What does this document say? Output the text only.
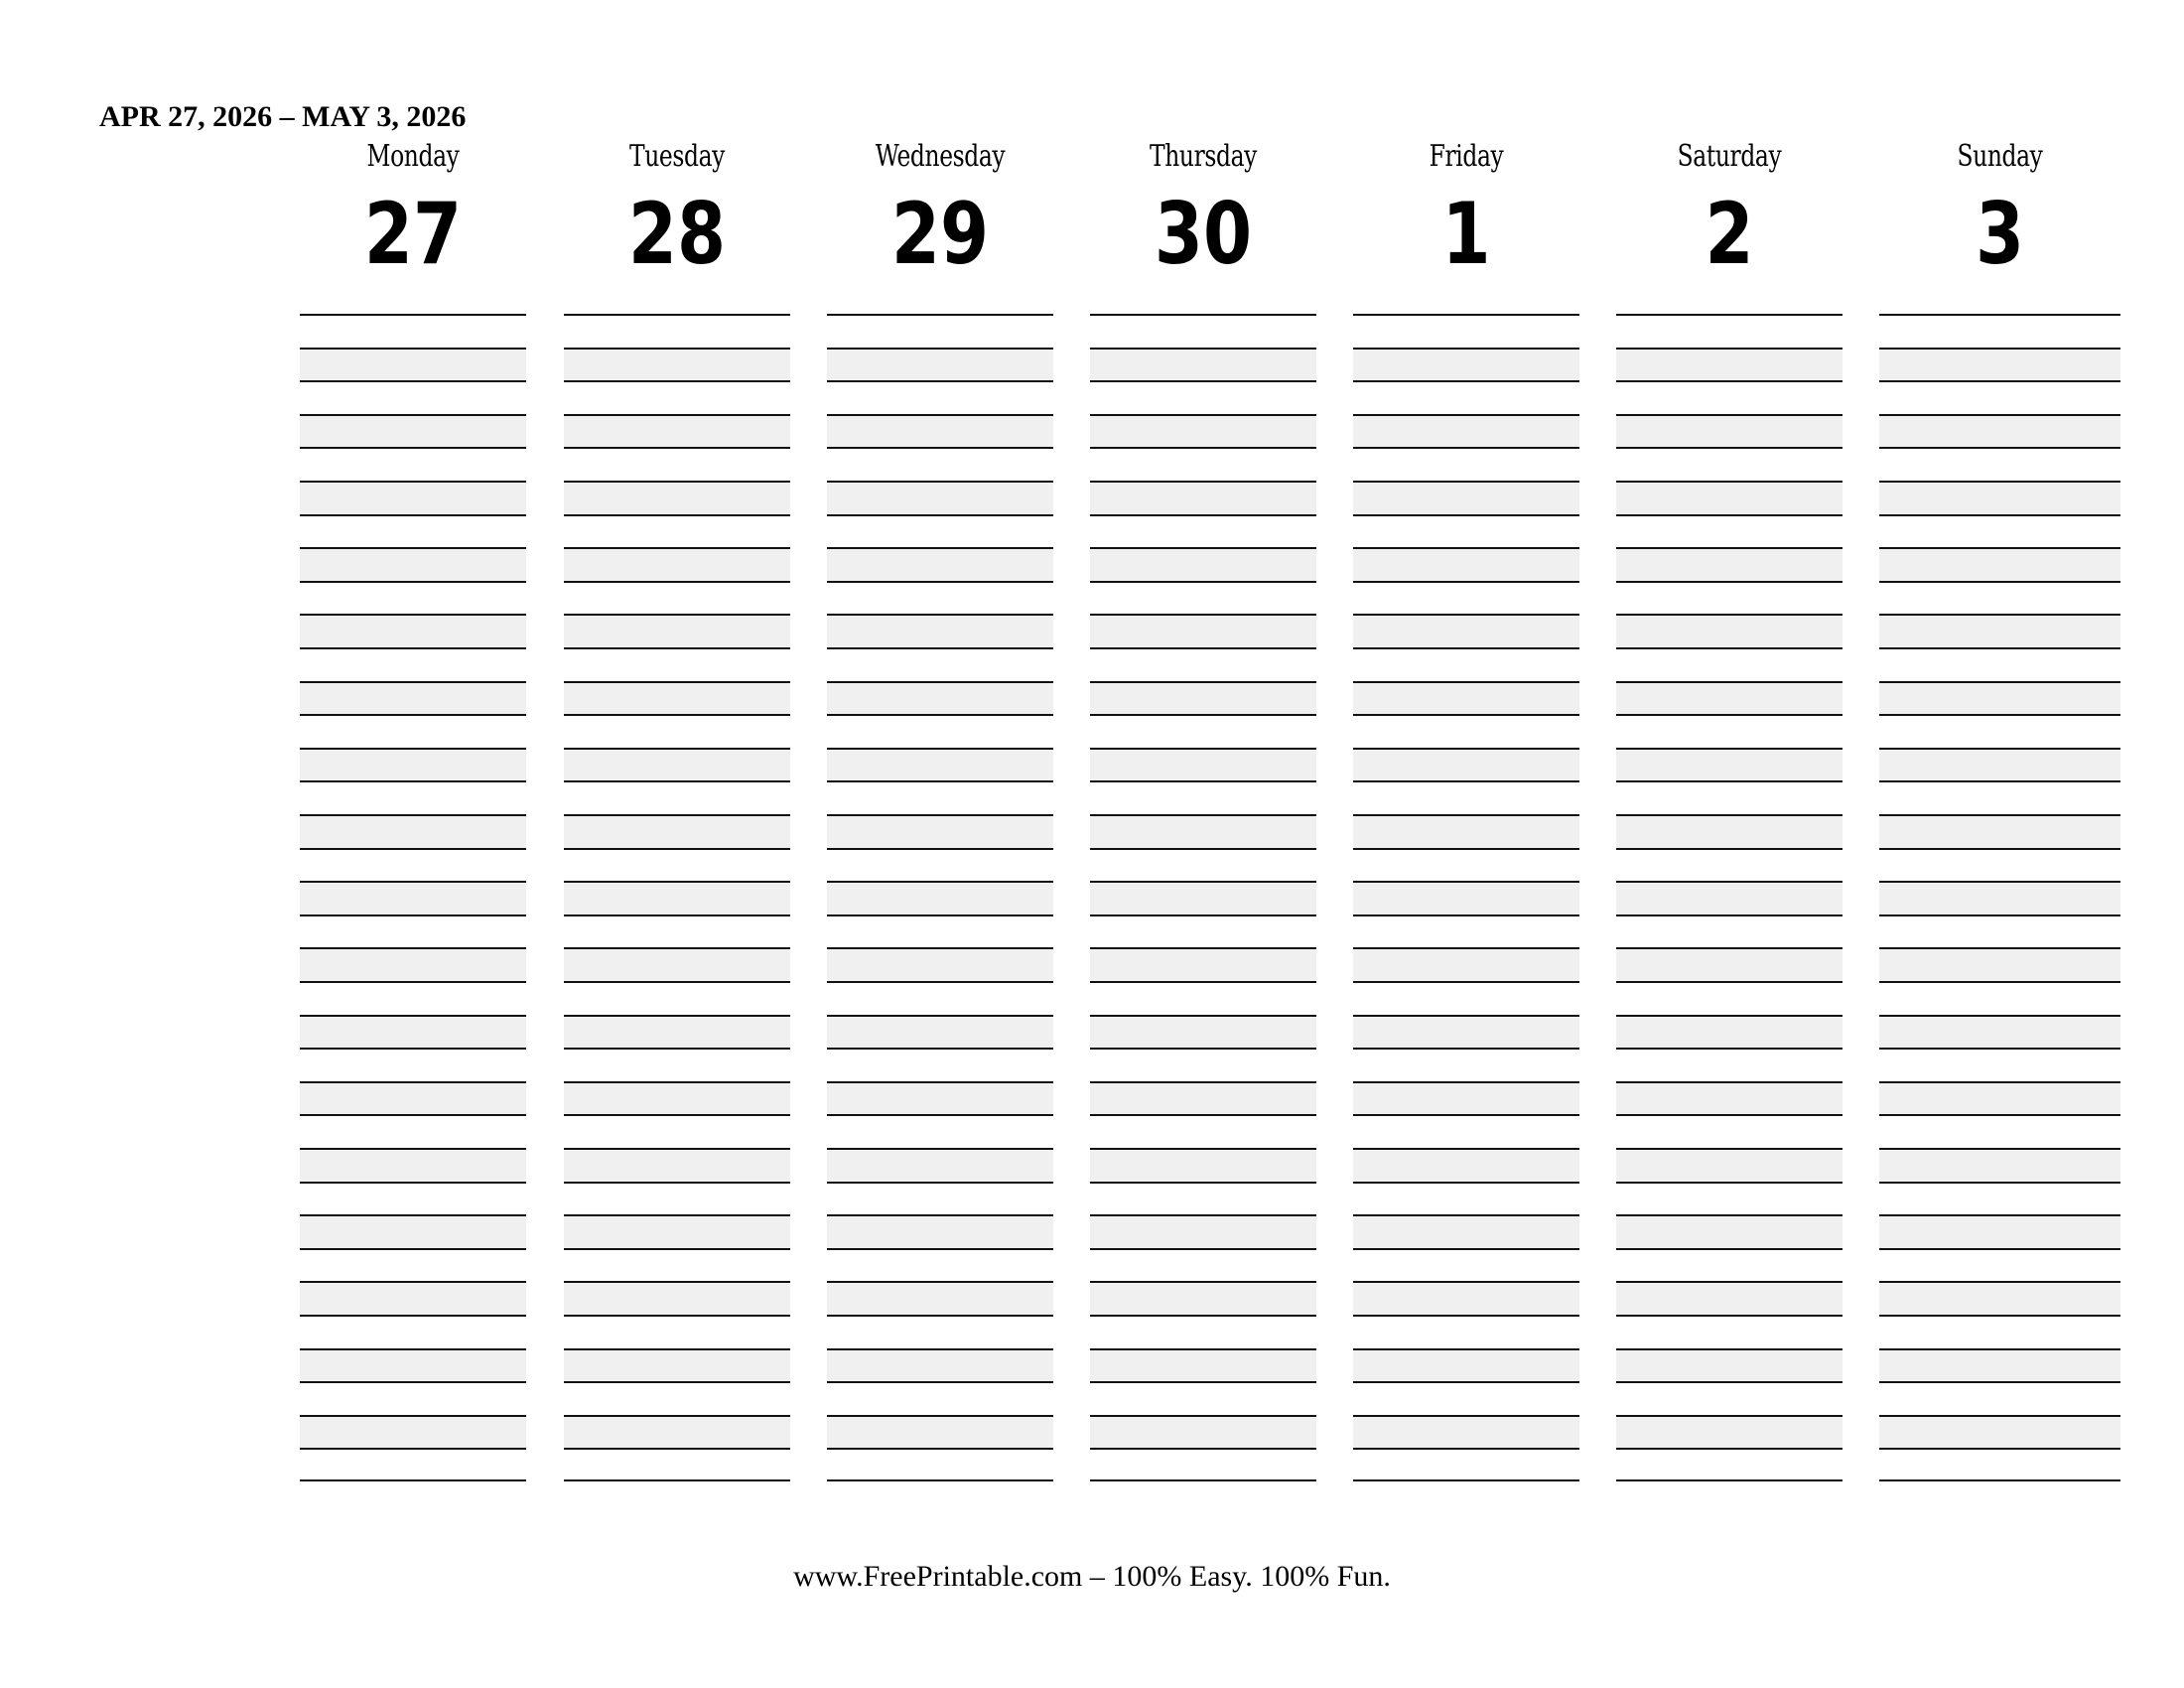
APR 27, 2026 – MAY 3, 2026
Monday
27
Tuesday
28
Wednesday
29
Thursday
30
Friday
1
Saturday
2
Sunday
3
www.FreePrintable.com – 100% Easy. 100% Fun.
